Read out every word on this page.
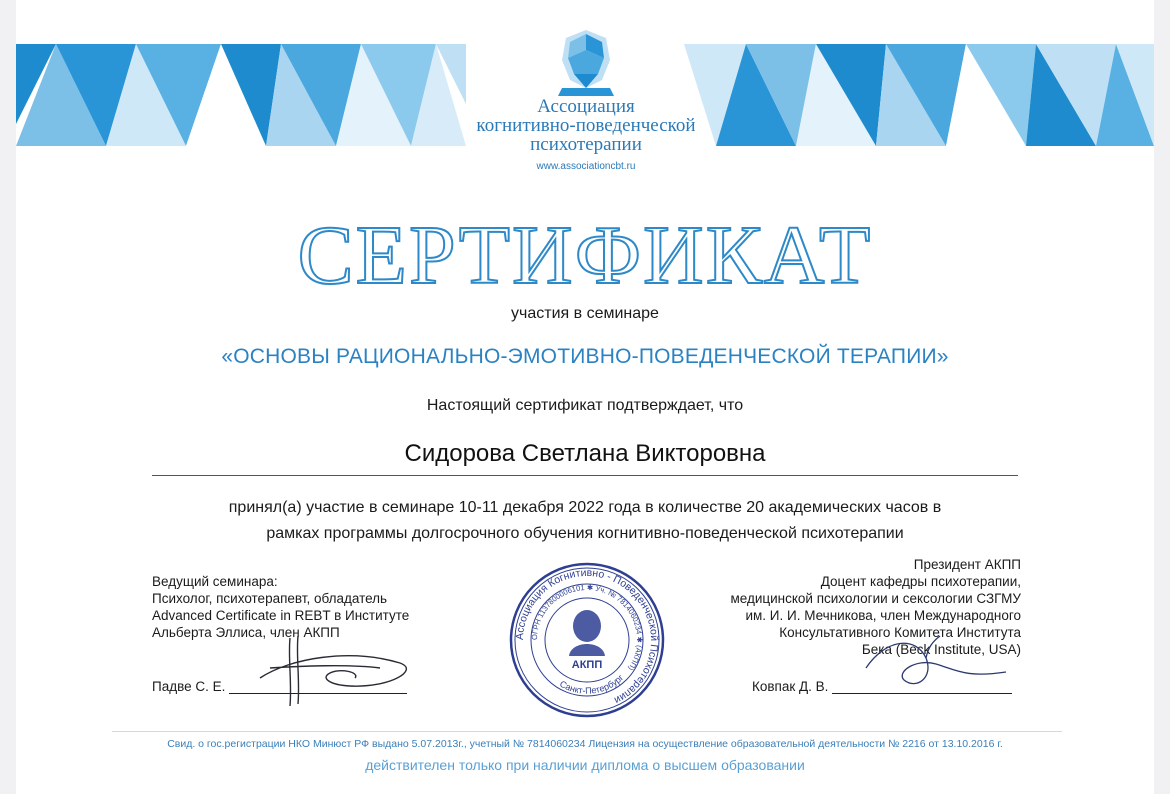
Ассоциация
когнитивно-поведенческой
психотерапии
www.associationcbt.ru
СЕРТИФИКАТ
участия в семинаре
«ОСНОВЫ РАЦИОНАЛЬНО-ЭМОТИВНО-ПОВЕДЕНЧЕСКОЙ ТЕРАПИИ»
Настоящий сертификат подтверждает, что
Сидорова Светлана Викторовна
принял(а) участие в семинаре 10-11 декабря 2022 года в количестве 20 академических часов в
рамках программы долгосрочного обучения когнитивно-поведенческой психотерапии
Ведущий семинара:
Психолог, психотерапевт, обладатель
Advanced Certificate in REBT в Институте
Альберта Эллиса, член АКПП
Падве С. Е.
Президент АКПП
Доцент кафедры психотерапии,
медицинской психологии и сексологии СЗГМУ
им. И. И. Мечникова, член Международного
Консультативного Комитета Института
Бека (Beck Institute, USA)
Ковпак Д. В.
Ассоциация Когнитивно - Поведенческой Психотерапии
ОГРН 1137800006101 ✱ Уч. № 7814060234 ✱ (АКПП)
Санкт-Петербург
АКПП
Свид. о гос.регистрации НКО Минюст РФ выдано 5.07.2013г., учетный № 7814060234 Лицензия на осуществление образовательной деятельности № 2216 от 13.10.2016 г.
действителен только при наличии диплома о высшем образовании
